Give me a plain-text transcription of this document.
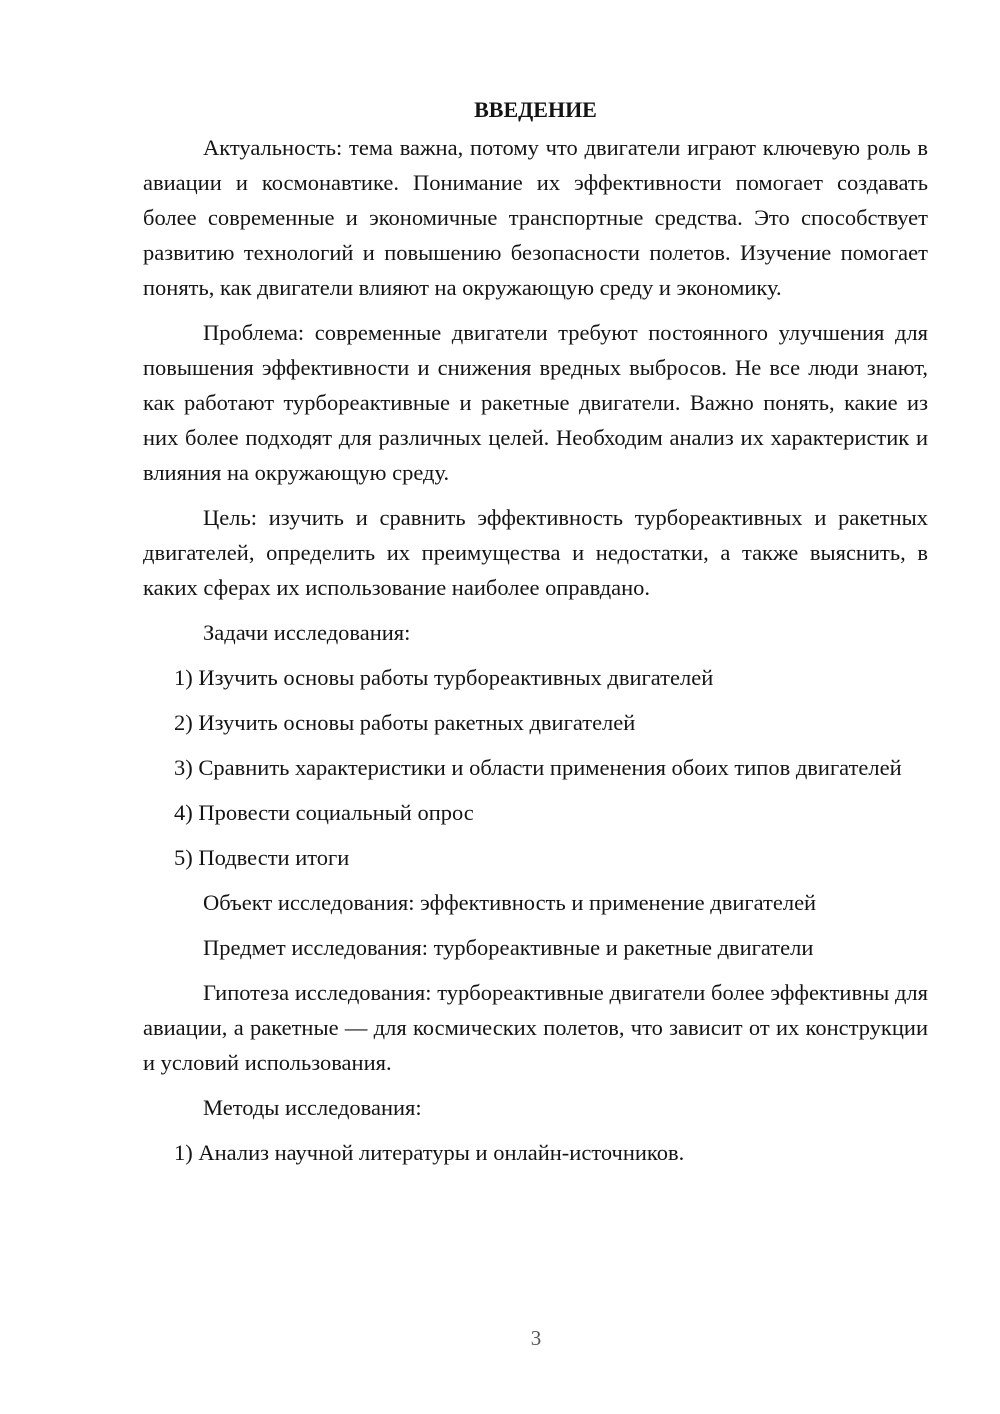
ВВЕДЕНИЕ

Актуальность: тема важна, потому что двигатели играют ключевую роль в авиации и космонавтике. Понимание их эффективности помогает создавать более современные и экономичные транспортные средства. Это способствует развитию технологий и повышению безопасности полетов. Изучение помогает понять, как двигатели влияют на окружающую среду и экономику.

Проблема: современные двигатели требуют постоянного улучшения для повышения эффективности и снижения вредных выбросов. Не все люди знают, как работают турбореактивные и ракетные двигатели. Важно понять, какие из них более подходят для различных целей. Необходим анализ их характеристик и влияния на окружающую среду.

Цель: изучить и сравнить эффективность турбореактивных и ракетных двигателей, определить их преимущества и недостатки, а также выяснить, в каких сферах их использование наиболее оправдано.

Задачи исследования:

1) Изучить основы работы турбореактивных двигателей

2) Изучить основы работы ракетных двигателей

3) Сравнить характеристики и области применения обоих типов двигателей

4) Провести социальный опрос

5) Подвести итоги

Объект исследования: эффективность и применение двигателей

Предмет исследования: турбореактивные и ракетные двигатели

Гипотеза исследования: турбореактивные двигатели более эффективны для авиации, а ракетные — для космических полетов, что зависит от их конструкции и условий использования.

Методы исследования:

1) Анализ научной литературы и онлайн-источников.

3
